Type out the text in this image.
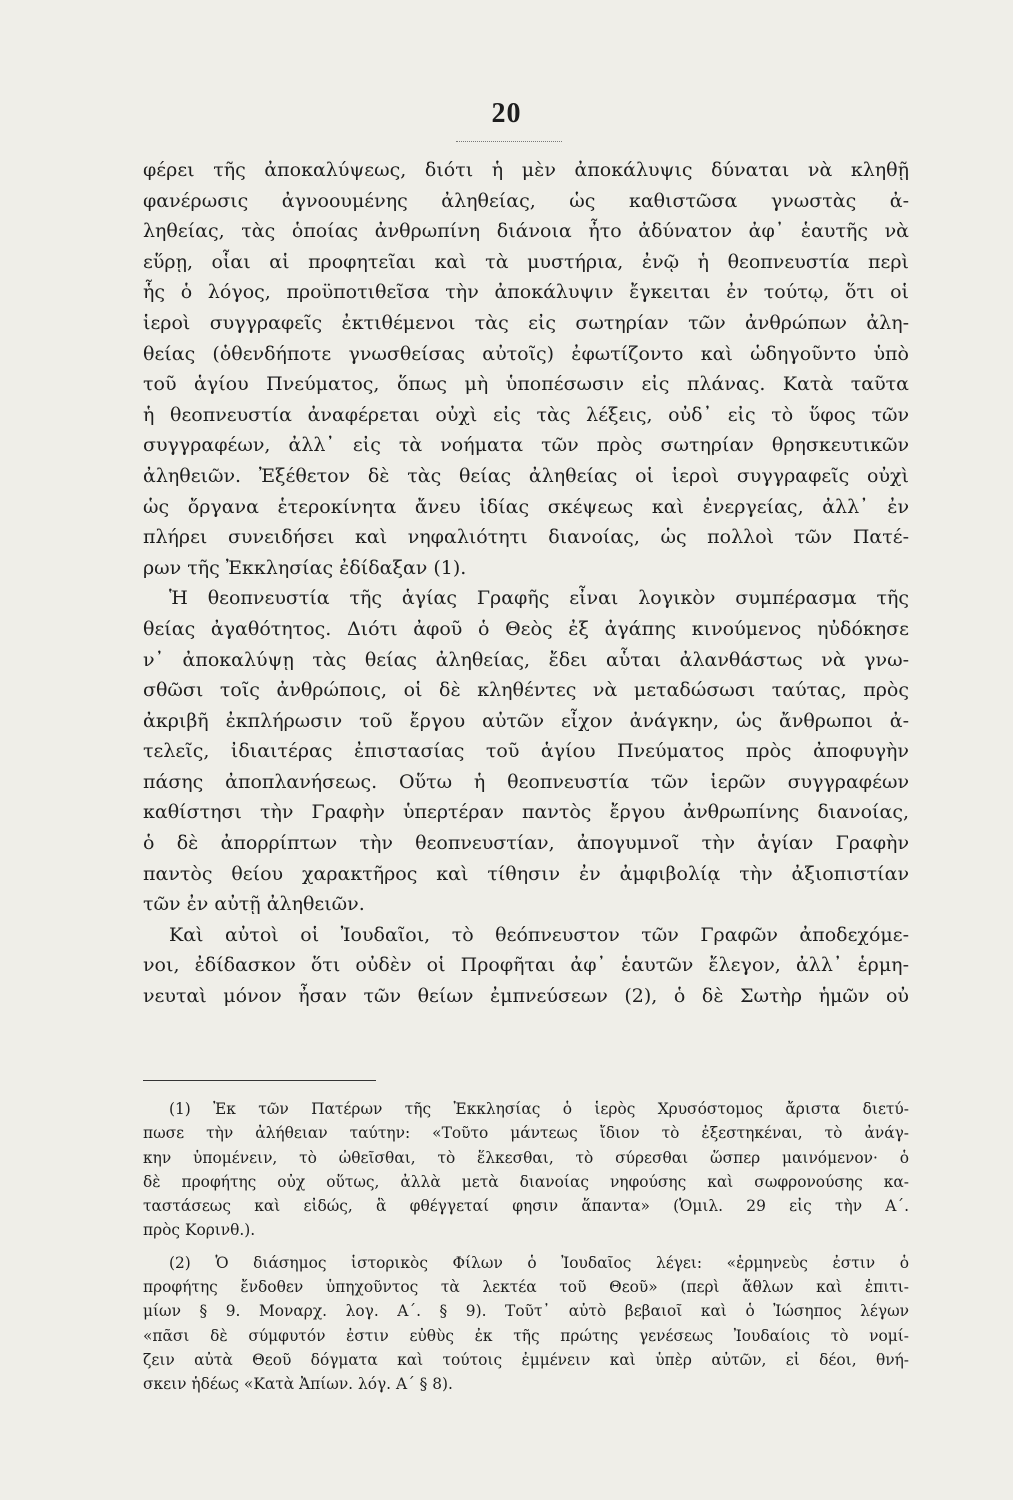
20
φέρει τῆς ἀποκαλύψεως, διότι ἡ μὲν ἀποκάλυψις δύναται νὰ κληθῇ
φανέρωσις ἀγνοουμένης ἀληθείας, ὡς καθιστῶσα γνωστὰς ἀ-
ληθείας, τὰς ὁποίας ἀνθρωπίνη διάνοια ἦτο ἀδύνατον ἀφ᾽ ἑαυτῆς νὰ
εὕρῃ, οἷαι αἱ προφητεῖαι καὶ τὰ μυστήρια, ἐνῷ ἡ θεοπνευστία περὶ
ἧς ὁ λόγος, προϋποτιθεῖσα τὴν ἀποκάλυψιν ἔγκειται ἐν τούτῳ, ὅτι οἱ
ἱεροὶ συγγραφεῖς ἐκτιθέμενοι τὰς εἰς σωτηρίαν τῶν ἀνθρώπων ἀλη-
θείας (ὁθενδήποτε γνωσθείσας αὐτοῖς) ἐφωτίζοντο καὶ ὡδηγοῦντο ὑπὸ
τοῦ ἁγίου Πνεύματος, ὅπως μὴ ὑποπέσωσιν εἰς πλάνας. Κατὰ ταῦτα
ἡ θεοπνευστία ἀναφέρεται οὐχὶ εἰς τὰς λέξεις, οὐδ᾽ εἰς τὸ ὕφος τῶν
συγγραφέων, ἀλλ᾽ εἰς τὰ νοήματα τῶν πρὸς σωτηρίαν θρησκευτικῶν
ἀληθειῶν. Ἐξέθετον δὲ τὰς θείας ἀληθείας οἱ ἱεροὶ συγγραφεῖς οὐχὶ
ὡς ὄργανα ἑτεροκίνητα ἄνευ ἰδίας σκέψεως καὶ ἐνεργείας, ἀλλ᾽ ἐν
πλήρει συνειδήσει καὶ νηφαλιότητι διανοίας, ὡς πολλοὶ τῶν Πατέ-
ρων τῆς Ἐκκλησίας ἐδίδαξαν (1).
Ἡ θεοπνευστία τῆς ἁγίας Γραφῆς εἶναι λογικὸν συμπέρασμα τῆς
θείας ἀγαθότητος. Διότι ἀφοῦ ὁ Θεὸς ἐξ ἀγάπης κινούμενος ηὐδόκησε
ν᾽ ἀποκαλύψῃ τὰς θείας ἀληθείας, ἔδει αὗται ἀλανθάστως νὰ γνω-
σθῶσι τοῖς ἀνθρώποις, οἱ δὲ κληθέντες νὰ μεταδώσωσι ταύτας, πρὸς
ἀκριβῆ ἐκπλήρωσιν τοῦ ἔργου αὐτῶν εἶχον ἀνάγκην, ὡς ἄνθρωποι ἀ-
τελεῖς, ἰδιαιτέρας ἐπιστασίας τοῦ ἁγίου Πνεύματος πρὸς ἀποφυγὴν
πάσης ἀποπλανήσεως. Οὕτω ἡ θεοπνευστία τῶν ἱερῶν συγγραφέων
καθίστησι τὴν Γραφὴν ὑπερτέραν παντὸς ἔργου ἀνθρωπίνης διανοίας,
ὁ δὲ ἀπορρίπτων τὴν θεοπνευστίαν, ἀπογυμνοῖ τὴν ἁγίαν Γραφὴν
παντὸς θείου χαρακτῆρος καὶ τίθησιν ἐν ἀμφιβολίᾳ τὴν ἀξιοπιστίαν
τῶν ἐν αὐτῇ ἀληθειῶν.
Καὶ αὐτοὶ οἱ Ἰουδαῖοι, τὸ θεόπνευστον τῶν Γραφῶν ἀποδεχόμε-
νοι, ἐδίδασκον ὅτι οὐδὲν οἱ Προφῆται ἀφ᾽ ἑαυτῶν ἔλεγον, ἀλλ᾽ ἑρμη-
νευταὶ μόνον ἦσαν τῶν θείων ἐμπνεύσεων (2), ὁ δὲ Σωτὴρ ἡμῶν οὐ
(1) Ἐκ τῶν Πατέρων τῆς Ἐκκλησίας ὁ ἱερὸς Χρυσόστομος ἄριστα διετύ-
πωσε τὴν ἀλήθειαν ταύτην: «Τοῦτο μάντεως ἴδιον τὸ ἐξεστηκέναι, τὸ ἀνάγ-
κην ὑπομένειν, τὸ ὠθεῖσθαι, τὸ ἕλκεσθαι, τὸ σύρεσθαι ὥσπερ μαινόμενον· ὁ
δὲ προφήτης οὐχ οὕτως, ἀλλὰ μετὰ διανοίας νηφούσης καὶ σωφρονούσης κα-
ταστάσεως καὶ εἰδώς, ἃ φθέγγεταί φησιν ἅπαντα» (Ὁμιλ. 29 εἰς τὴν Α΄.
πρὸς Κορινθ.).
(2) Ὁ διάσημος ἱστορικὸς Φίλων ὁ Ἰουδαῖος λέγει: «ἑρμηνεὺς ἐστιν ὁ
προφήτης ἔνδοθεν ὑπηχοῦντος τὰ λεκτέα τοῦ Θεοῦ» (περὶ ἄθλων καὶ ἐπιτι-
μίων § 9. Μοναρχ. λογ. Α΄. § 9). Τοῦτ᾽ αὐτὸ βεβαιοῖ καὶ ὁ Ἰώσηπος λέγων
«πᾶσι δὲ σύμφυτόν ἐστιν εὐθὺς ἐκ τῆς πρώτης γενέσεως Ἰουδαίοις τὸ νομί-
ζειν αὐτὰ Θεοῦ δόγματα καὶ τούτοις ἐμμένειν καὶ ὑπὲρ αὐτῶν, εἰ δέοι, θνή-
σκειν ἡδέως «Κατὰ Ἀπίων. λόγ. Α΄ § 8).
